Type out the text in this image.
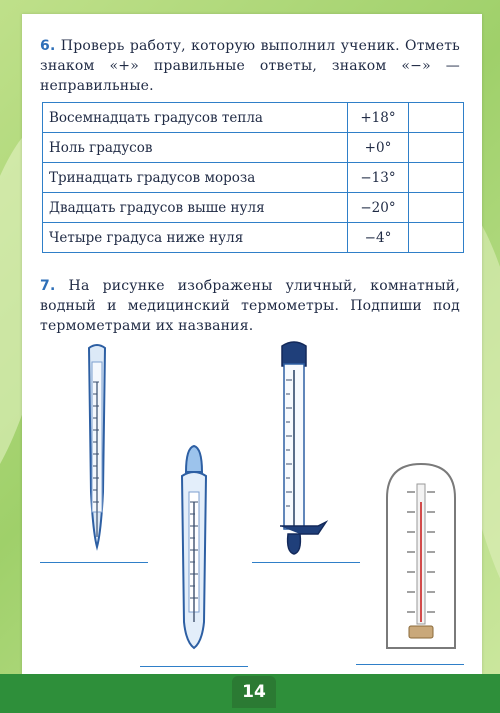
6. Проверь работу, которую выполнил ученик. Отметь знаком «+» правильные ответы, знаком «−» — неправильные.
Восемнадцать градусов тепла	+18°	
Ноль градусов	+0°	
Тринадцать градусов мороза	−13°	
Двадцать градусов выше нуля	−20°	
Четыре градуса ниже нуля	−4°	
7. На рисунке изображены уличный, комнатный, водный и медицинский термометры. Подпиши под термометрами их названия.
14
